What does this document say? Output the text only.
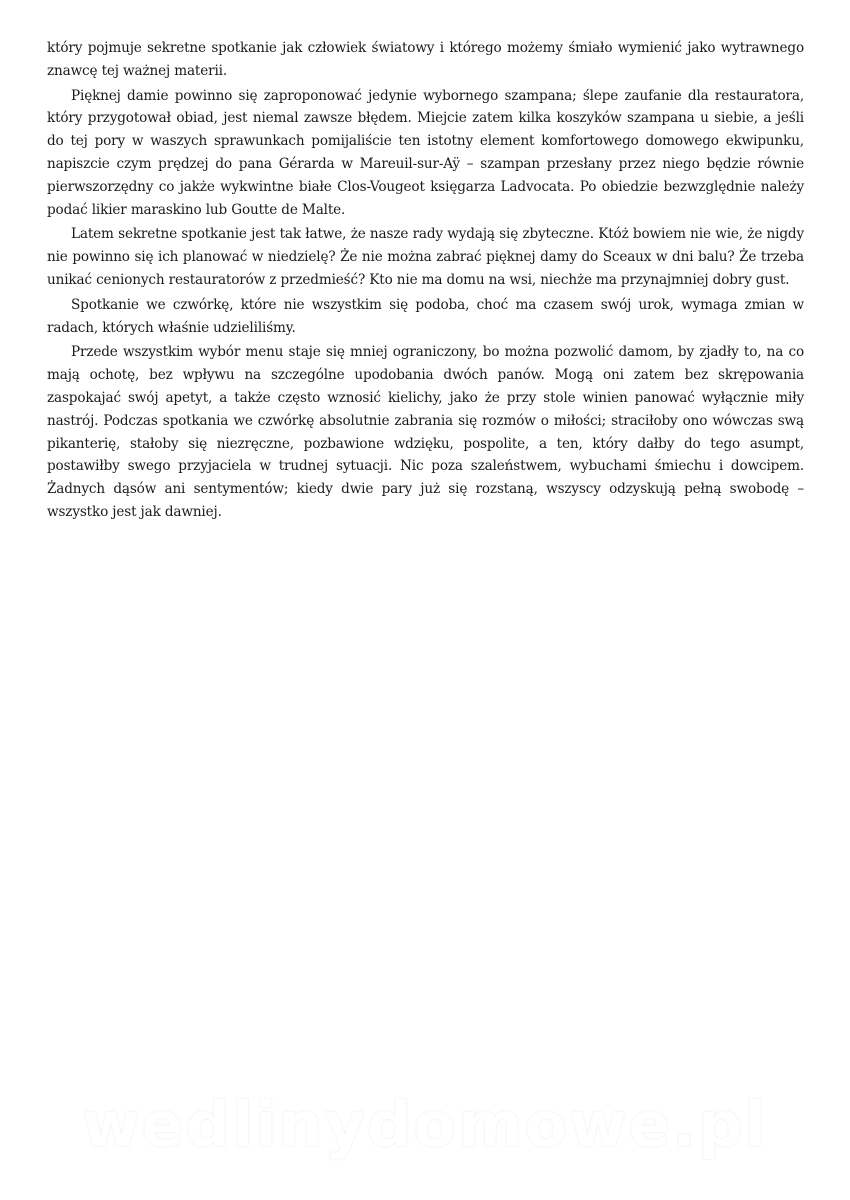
który pojmuje sekretne spotkanie jak człowiek światowy i którego możemy śmiało wymienić jako wytrawnego znawcę tej ważnej materii.

Pięknej damie powinno się zaproponować jedynie wybornego szampana; ślepe zaufanie dla restauratora, który przygotował obiad, jest niemal zawsze błędem. Miejcie zatem kilka koszyków szampana u siebie, a jeśli do tej pory w waszych sprawunkach pomijaliście ten istotny element komfortowego domowego ekwipunku, napiszcie czym prędzej do pana Gérarda w Mareuil-sur-Aÿ – szampan przesłany przez niego będzie równie pierwszorzędny co jakże wykwintne białe Clos-Vougeot księgarza Ladvocata. Po obiedzie bezwzględnie należy podać likier maraskino lub Goutte de Malte.

Latem sekretne spotkanie jest tak łatwe, że nasze rady wydają się zbyteczne. Któż bowiem nie wie, że nigdy nie powinno się ich planować w niedzielę? Że nie można zabrać pięknej damy do Sceaux w dni balu? Że trzeba unikać cenionych restauratorów z przedmieść? Kto nie ma domu na wsi, niechże ma przynajmniej dobry gust.

Spotkanie we czwórkę, które nie wszystkim się podoba, choć ma czasem swój urok, wymaga zmian w radach, których właśnie udzieliliśmy.

Przede wszystkim wybór menu staje się mniej ograniczony, bo można pozwolić damom, by zjadły to, na co mają ochotę, bez wpływu na szczególne upodobania dwóch panów. Mogą oni zatem bez skrępowania zaspokajać swój apetyt, a także często wznosić kielichy, jako że przy stole winien panować wyłącznie miły nastrój. Podczas spotkania we czwórkę absolutnie zabrania się rozmów o miłości; straciłoby ono wówczas swą pikanterię, stałoby się niezręczne, pozbawione wdzięku, pospolite, a ten, który dałby do tego asumpt, postawiłby swego przyjaciela w trudnej sytuacji. Nic poza szaleństwem, wybuchami śmiechu i dowcipem. Żadnych dąsów ani sentymentów; kiedy dwie pary już się rozstaną, wszyscy odzyskują pełną swobodę – wszystko jest jak dawniej.

wedlinydomowe.pl
